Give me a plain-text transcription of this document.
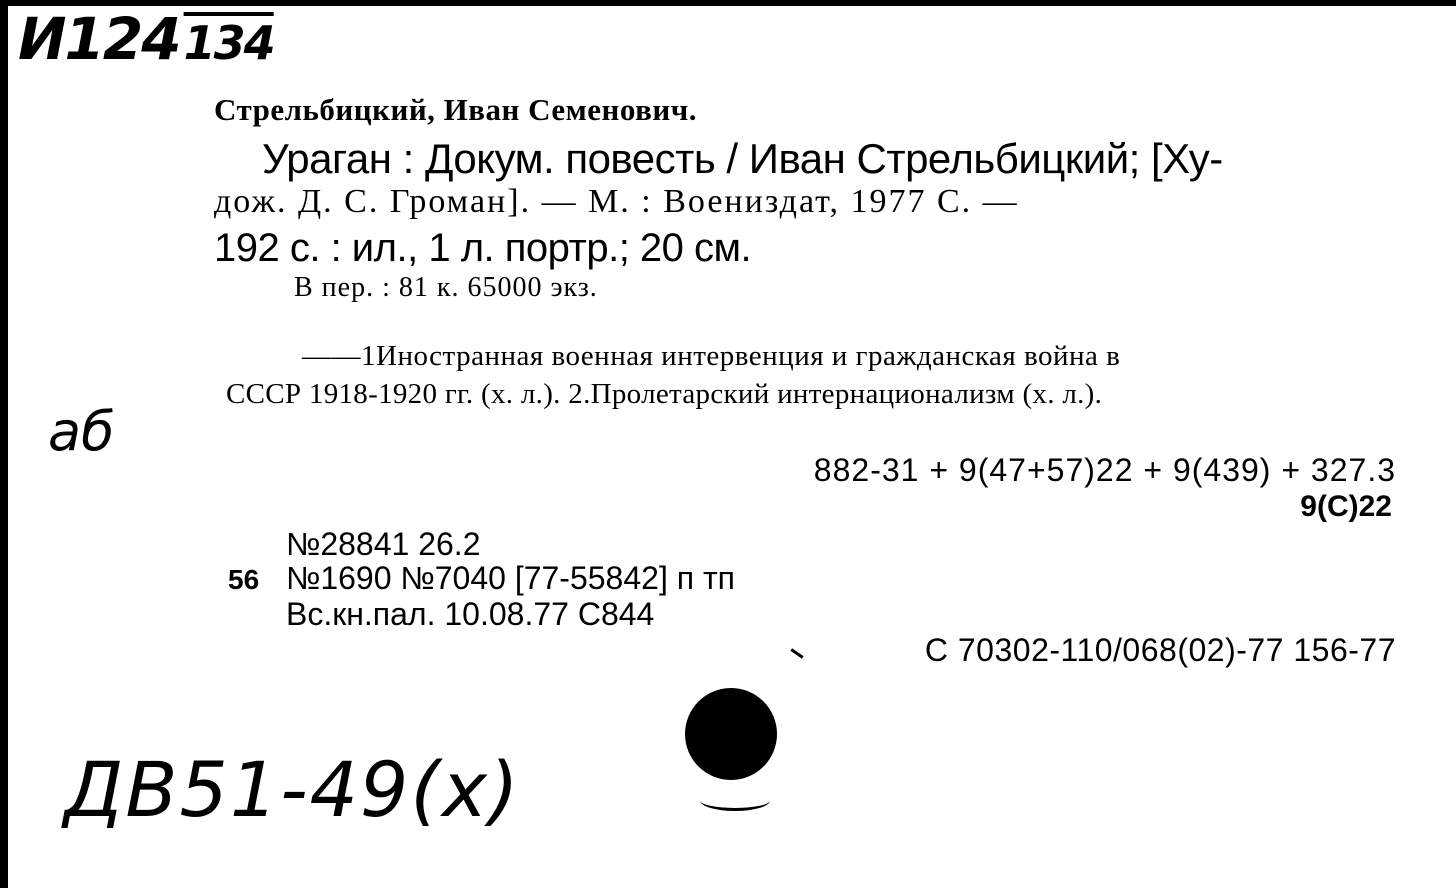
И124134
Стрельбицкий, Иван Семенович.
Ураган : Докум. повесть / Иван Стрельбицкий; [Ху-
дож. Д. С. Громан]. — М. : Воениздат, 1977 С. —
192 с. : ил., 1 л. портр.; 20 см.
В пер. : 81 к. 65000 экз.
——1Иностранная военная интервенция и гражданская война в
СССР 1918-1920 гг. (х. л.). 2.Пролетарский интернационализм (х. л.).
аб
882-31 + 9(47+57)22 + 9(439) + 327.3
9(С)22
№28841 26.2
56 №1690 №7040 [77-55842] п тп
Вс.кн.пал. 10.08.77 С844
С 70302-110/068(02)-77 156-77
ДВ51-49(х)
